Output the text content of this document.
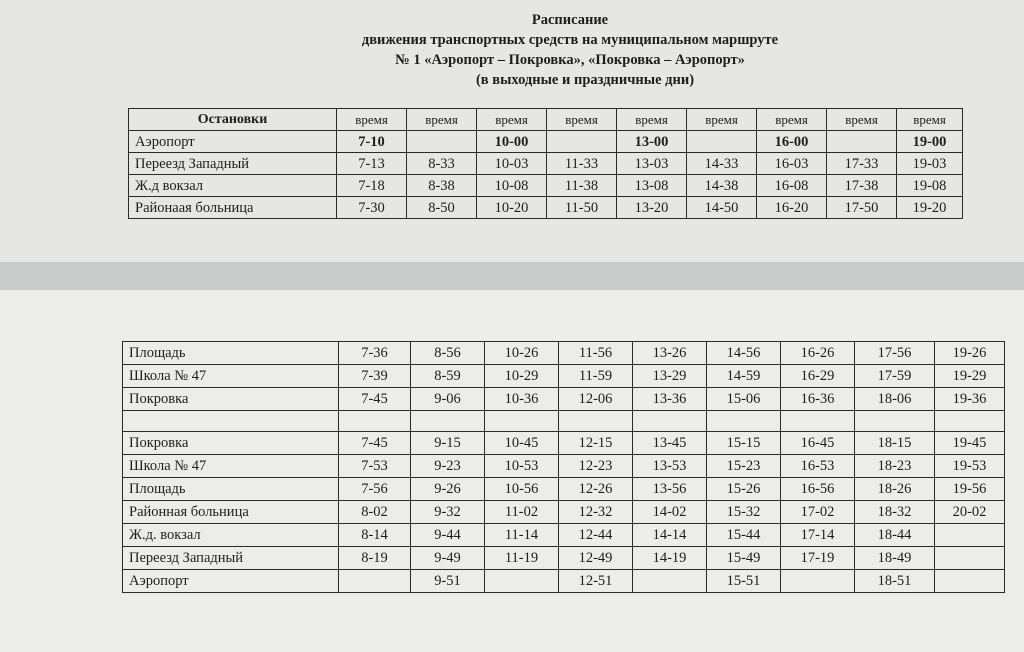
Расписание
движения транспортных средств на муниципальном маршруте
№ 1 «Аэропорт – Покровка», «Покровка – Аэропорт»
(в выходные и праздничные дни)
Остановки	время	время	время	время	время	время	время	время	время
Аэропорт	7-10		10-00		13-00		16-00		19-00
Переезд Западный	7-13	8-33	10-03	11-33	13-03	14-33	16-03	17-33	19-03
Ж.д вокзал	7-18	8-38	10-08	11-38	13-08	14-38	16-08	17-38	19-08
Районаая больница	7-30	8-50	10-20	11-50	13-20	14-50	16-20	17-50	19-20
Площадь	7-36	8-56	10-26	11-56	13-26	14-56	16-26	17-56	19-26
Школа № 47	7-39	8-59	10-29	11-59	13-29	14-59	16-29	17-59	19-29
Покровка	7-45	9-06	10-36	12-06	13-36	15-06	16-36	18-06	19-36

Покровка	7-45	9-15	10-45	12-15	13-45	15-15	16-45	18-15	19-45
Школа № 47	7-53	9-23	10-53	12-23	13-53	15-23	16-53	18-23	19-53
Площадь	7-56	9-26	10-56	12-26	13-56	15-26	16-56	18-26	19-56
Районная больница	8-02	9-32	11-02	12-32	14-02	15-32	17-02	18-32	20-02
Ж.д. вокзал	8-14	9-44	11-14	12-44	14-14	15-44	17-14	18-44	
Переезд Западный	8-19	9-49	11-19	12-49	14-19	15-49	17-19	18-49	
Аэропорт		9-51		12-51		15-51		18-51	
